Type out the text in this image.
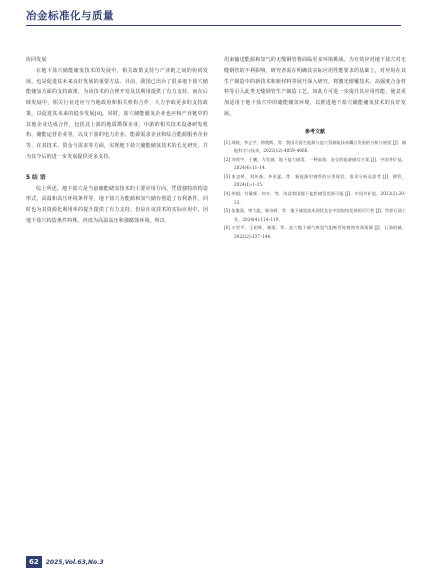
冶金标准化与质量

协同发展

在地下盐穴储能储氢技术的发展中，相关政策支持与产业链之间的协同发展，也是促进其未来良好发展的重要方法。目前，我国已出台了很多地下盐穴储能储氢方面的支持政策，为该技术的合理开发及其利用提供了有力支持。而在后续发展中，相关行业还应与当地政府和相关机构合作，大力争取更多的支持政策，以促进其未来的稳步发展[8]。同时，盐穴储能储氢企业也应和产业链中的其他企业达成合作，包括其上游的地质勘探企业，中游的相关技术设备研发机构、储能运营企业等，以及下游的电力企业、能源需求企业和综合能源服务企业等，在其技术、资金与需求等方面，实现地下盐穴储能储氢技术的长足研究，并为其今后的进一步发展提供更多支持。

5 结 语

综上所述，地下盐穴是当前储能储氢技术的主要应用方向。凭借独特的构造形式，高温和高压环境条件等，地下盐穴为能源和氢气储存创造了有利条件，同时也为其资源化利用率的提升提供了有力支持。但是在该技术的实际应用中，因地下盐穴构造条件特殊，内部为高温高压和强腐蚀环境，所以

用来输送能源和氢气的无缝钢管将面临更多环境挑战。为有效应对地下盐穴对无缝钢管的不利影响，研究者需在明确其实际应用性能要求的基础上，对应用在其生产制造中的新技术和新材料等展开深入研究，将激光熔覆技术、高强度合金材料等引入此类无缝钢管生产制造工艺。如此方可进一步提升其应用性能，使其更加适用于地下盐穴中的储能储氢环境，以推进地下盐穴储能储氢技术的良好发展。

参考文献

[1] 周晓，李正宇，徐俊辉，等．我国可再生能源与盐穴氢储能技术耦合发展的分析与展望 [J]．储能科学与技术，2022(12):4059–4066.

[2] 刘茂宇，王鹏，方发驰．地下盐穴储氢：一种高效、安全的能源储存方案 [J]．中国井矿盐，2024(4):11–14.

[3] 张忠桥，刘传森，齐亚猛，等．新能源用钢管的应用现状、需求分析及思考 [J]．钢管，2024(1):1–15.

[4] 胡超，付量辉，何卉，等．浅谈我国地下盐腔储氢发展可能 [J]．中国井矿盐，2023(2):20–23.

[5] 张俊涯，曾大彪，陈诗婷，等．地下储氢技术现状及在中国加快发展的可行性 [J]．世界石油工业，2024(4):114–119.

[6] 万里平，王柏辉，谢珺，等．盐穴地下储气库氢气阻断管柱腐蚀寿命预测 [J]．石油机械，2022(2):137–144.

62	2025,Vol.63,No.3
